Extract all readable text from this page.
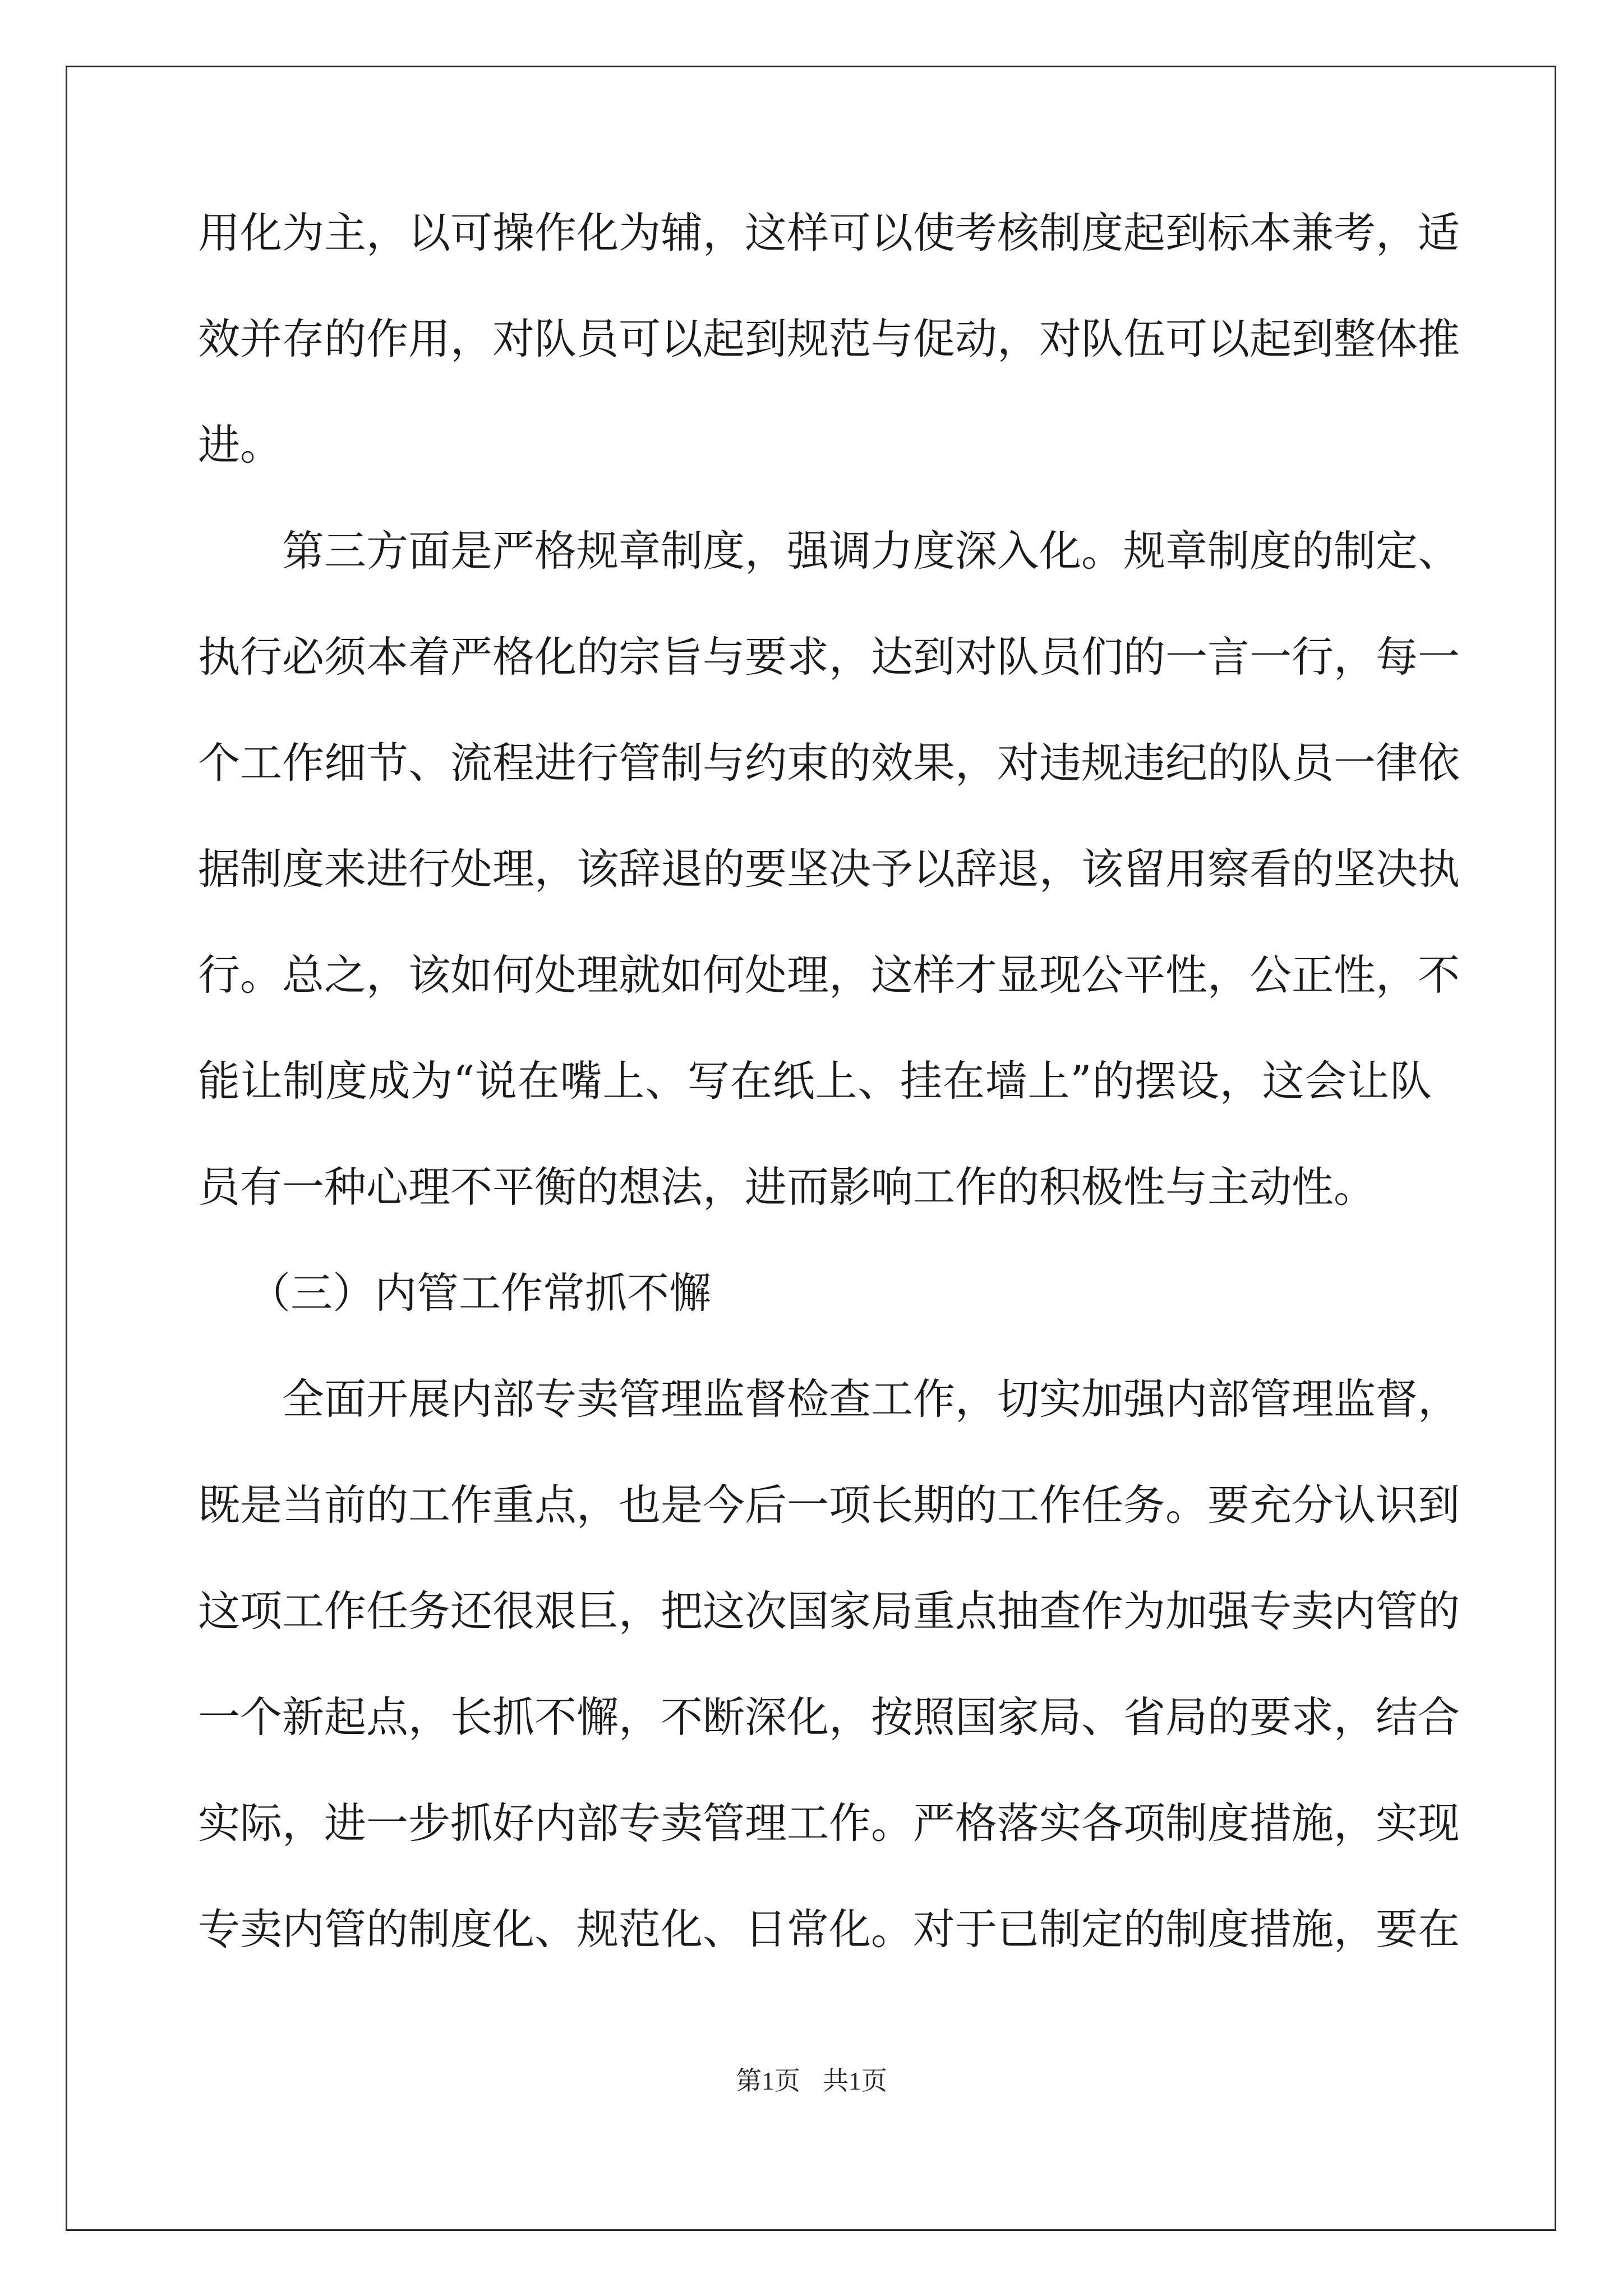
用化为主，以可操作化为辅，这样可以使考核制度起到标本兼考，适
效并存的作用，对队员可以起到规范与促动，对队伍可以起到整体推
进。
第三方面是严格规章制度，强调力度深入化。规章制度的制定、
执行必须本着严格化的宗旨与要求，达到对队员们的一言一行，每一
个工作细节、流程进行管制与约束的效果，对违规违纪的队员一律依
据制度来进行处理，该辞退的要坚决予以辞退，该留用察看的坚决执
行。总之，该如何处理就如何处理，这样才显现公平性，公正性，不
能让制度成为“说在嘴上、写在纸上、挂在墙上”的摆设，这会让队
员有一种心理不平衡的想法，进而影响工作的积极性与主动性。
（三）内管工作常抓不懈
全面开展内部专卖管理监督检查工作，切实加强内部管理监督，
既是当前的工作重点，也是今后一项长期的工作任务。要充分认识到
这项工作任务还很艰巨，把这次国家局重点抽查作为加强专卖内管的
一个新起点，长抓不懈，不断深化，按照国家局、省局的要求，结合
实际，进一步抓好内部专卖管理工作。严格落实各项制度措施，实现
专卖内管的制度化、规范化、日常化。对于已制定的制度措施，要在
第1页 共1页
